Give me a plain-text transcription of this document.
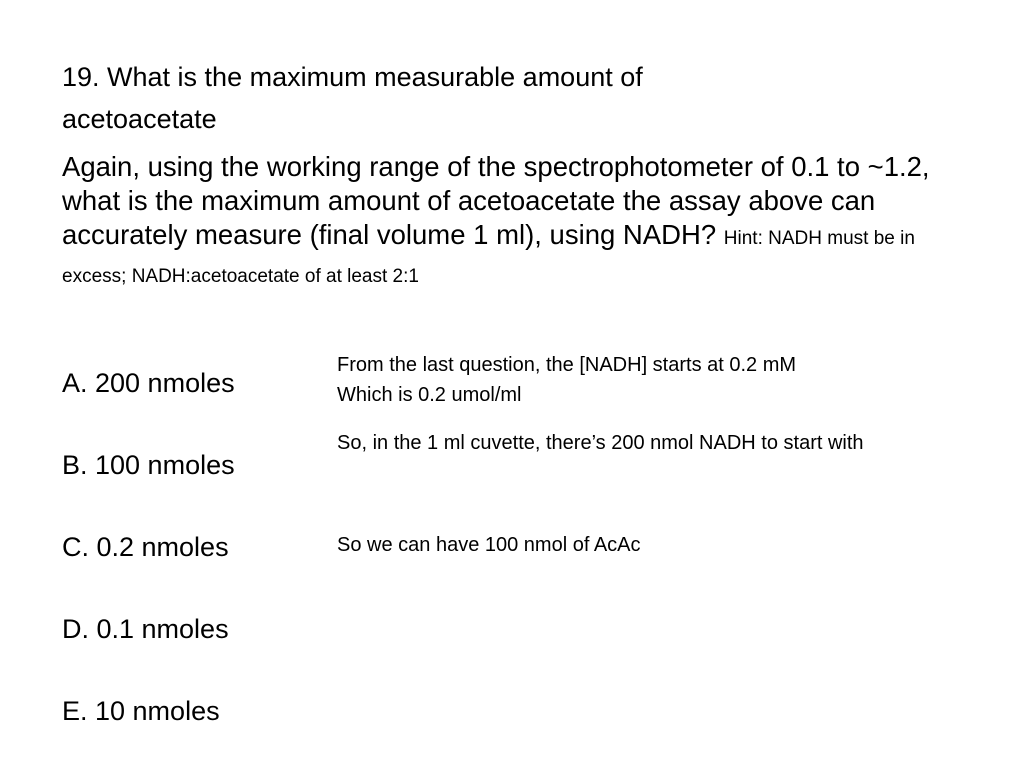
19. What is the maximum measurable amount of
acetoacetate
Again, using the working range of the spectrophotometer of 0.1 to ~1.2, what is the maximum amount of acetoacetate the assay above can accurately measure (final volume 1 ml), using NADH? Hint: NADH must be in excess; NADH:acetoacetate of at least 2:1
A. 200 nmoles
B. 100 nmoles
C. 0.2 nmoles
D. 0.1 nmoles
E. 10 nmoles
From the last question, the [NADH] starts at 0.2 mM
Which is 0.2 umol/ml
So, in the 1 ml cuvette, there’s 200 nmol NADH to start with
So we can have 100 nmol of AcAc
